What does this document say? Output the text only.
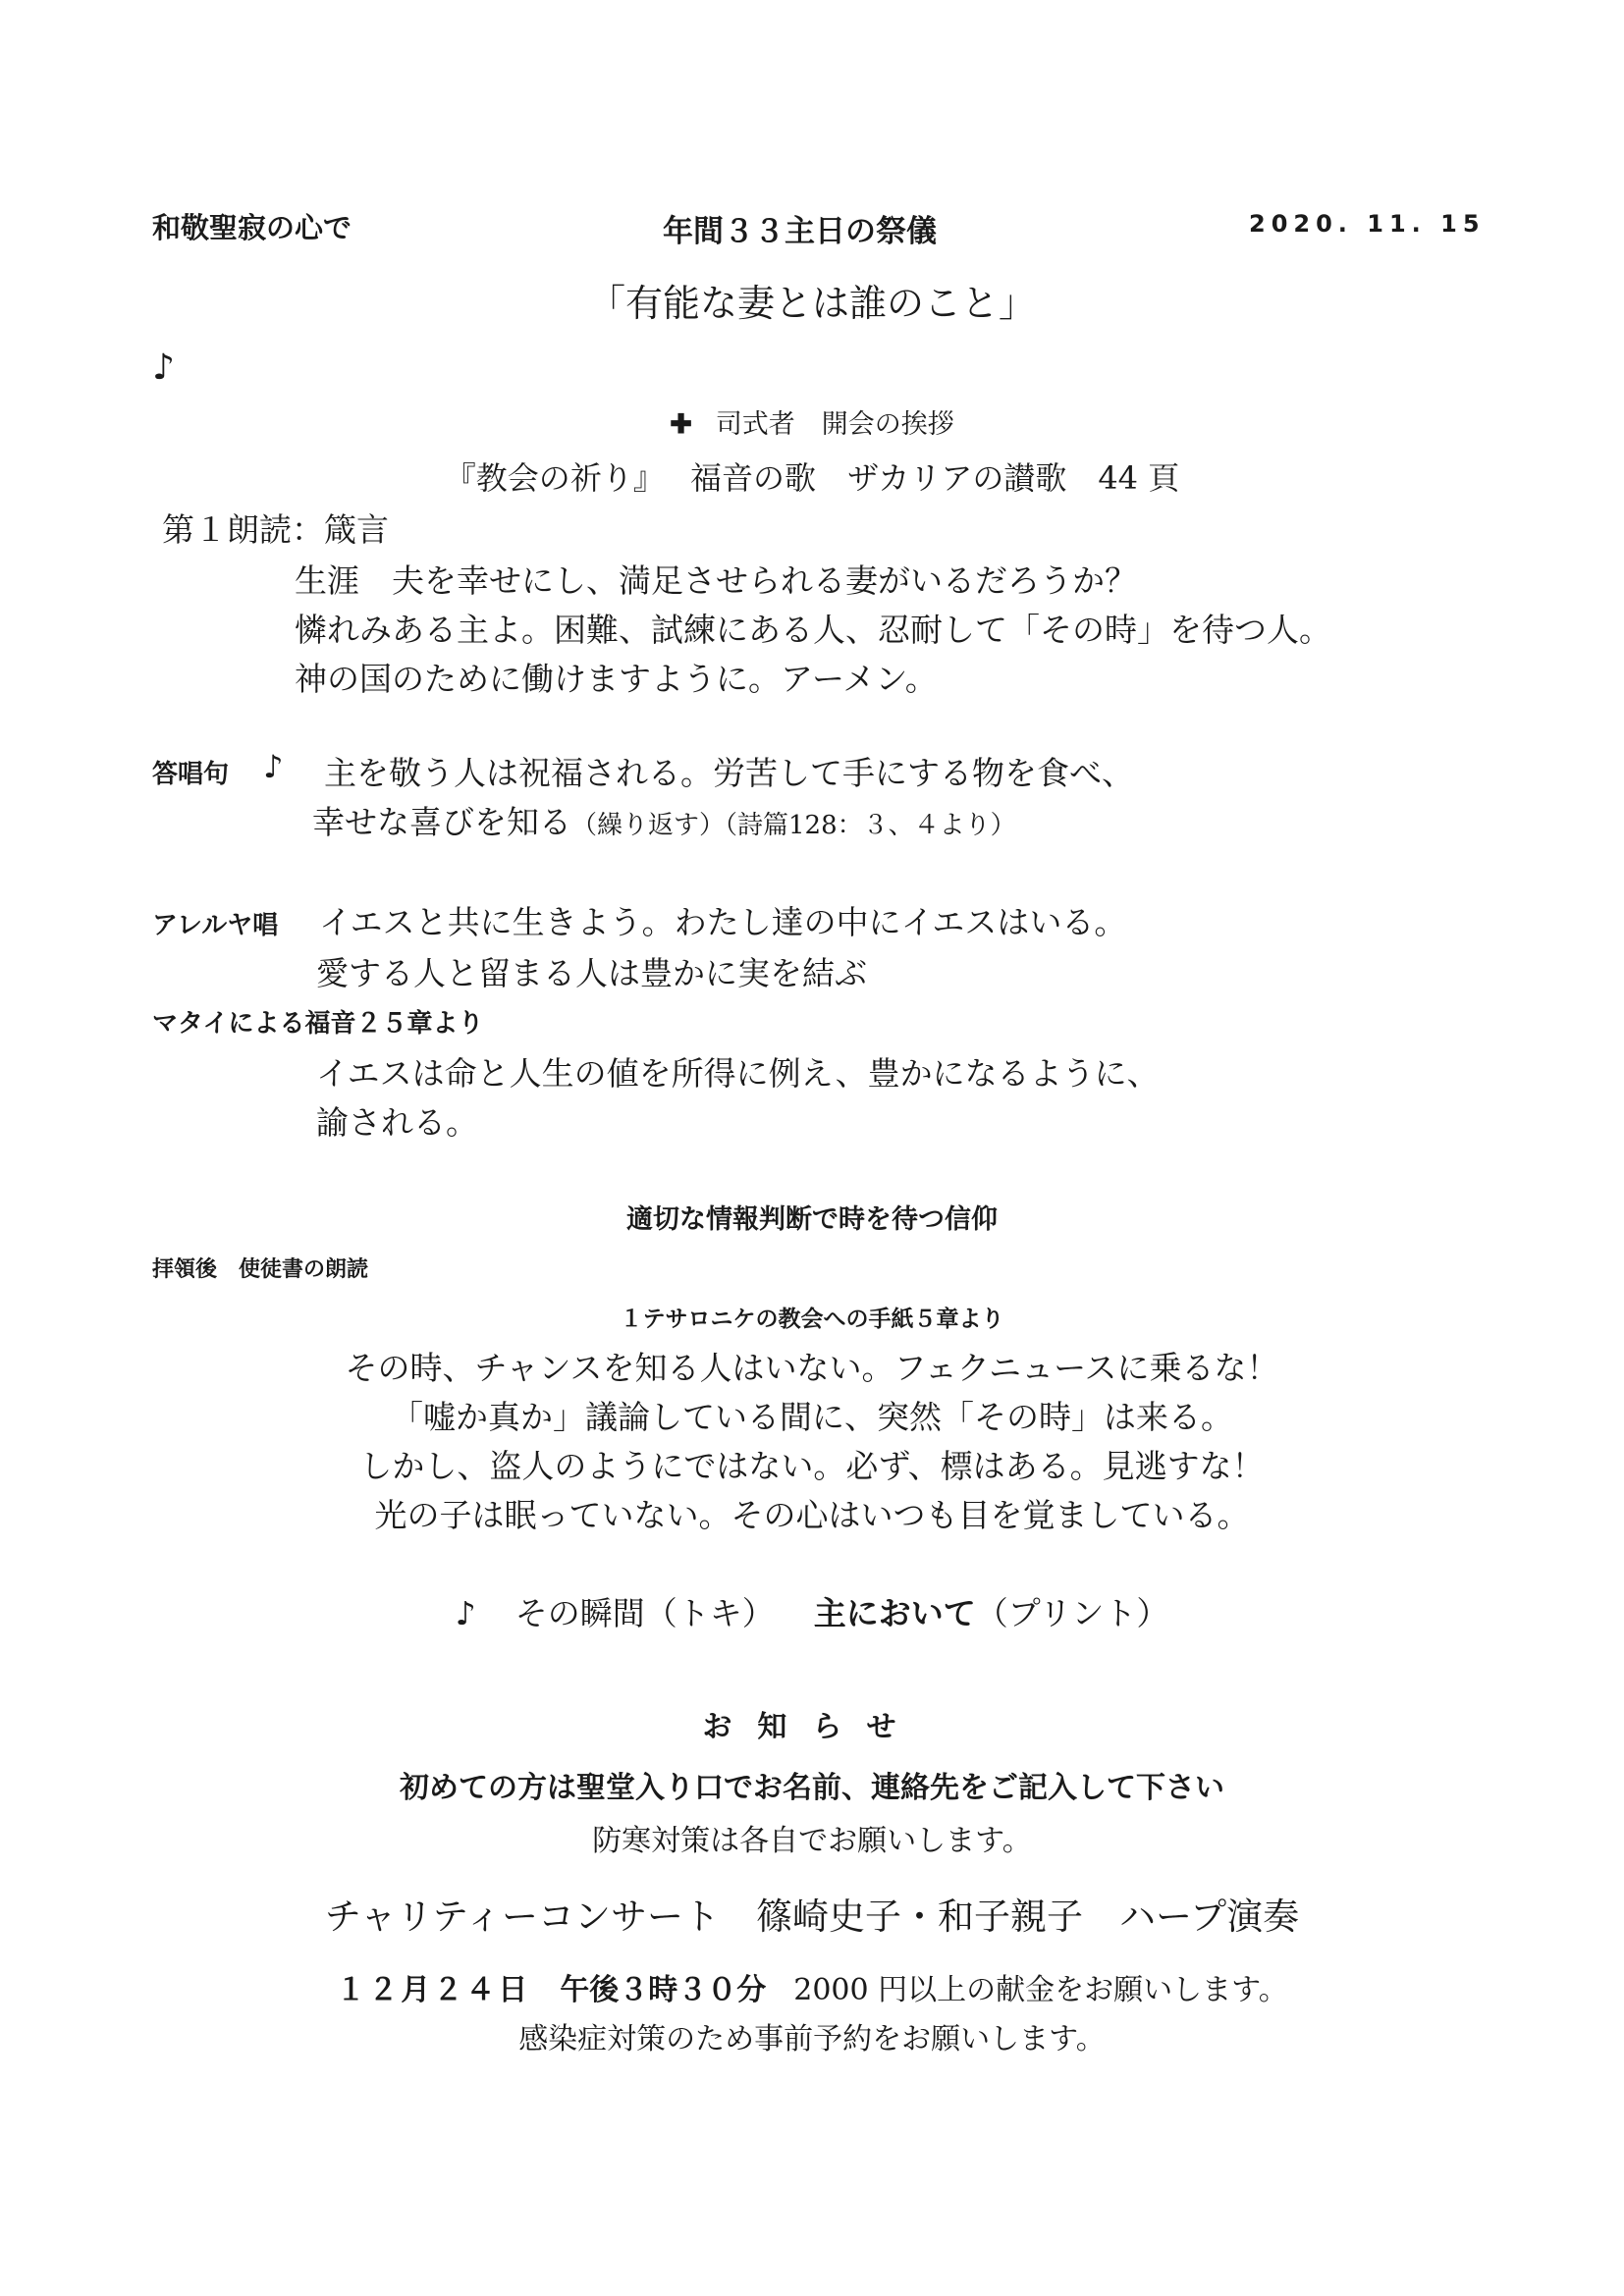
和敬聖寂の心で	年間３３主日の祭儀	2020. 11. 15
「有能な妻とは誰のこと」
♪
✚ 司式者　開会の挨拶
『教会の祈り』　 福音の歌　ザカリアの讃歌　44 頁
第１朗読：箴言
生涯　夫を幸せにし、満足させられる妻がいるだろうか？
憐れみある主よ。困難、試練にある人、忍耐して「その時」を待つ人。
神の国のために働けますように。アーメン。
答唱句 ♪ 主を敬う人は祝福される。労苦して手にする物を食べ、
幸せな喜びを知る（繰り返す）（詩篇128：３、４より）
アレルヤ唱 イエスと共に生きよう。わたし達の中にイエスはいる。
愛する人と留まる人は豊かに実を結ぶ
マタイによる福音２５章より
イエスは命と人生の値を所得に例え、豊かになるように、
諭される。
適切な情報判断で時を待つ信仰
拝領後　使徒書の朗読
１テサロニケの教会への手紙５章より
その時、チャンスを知る人はいない。フェクニュースに乗るな！
「嘘か真か」議論している間に、突然「その時」は来る。
しかし、盗人のようにではない。必ず、標はある。見逃すな！
光の子は眠っていない。その心はいつも目を覚ましている。
♪ その瞬間（トキ） 主において（プリント）
お知らせ
初めての方は聖堂入り口でお名前、連絡先をご記入して下さい
防寒対策は各自でお願いします。
チャリティーコンサート　篠崎史子・和子親子　ハープ演奏
１２月２４日 午後３時３０分 2000 円以上の献金をお願いします。
感染症対策のため事前予約をお願いします。
